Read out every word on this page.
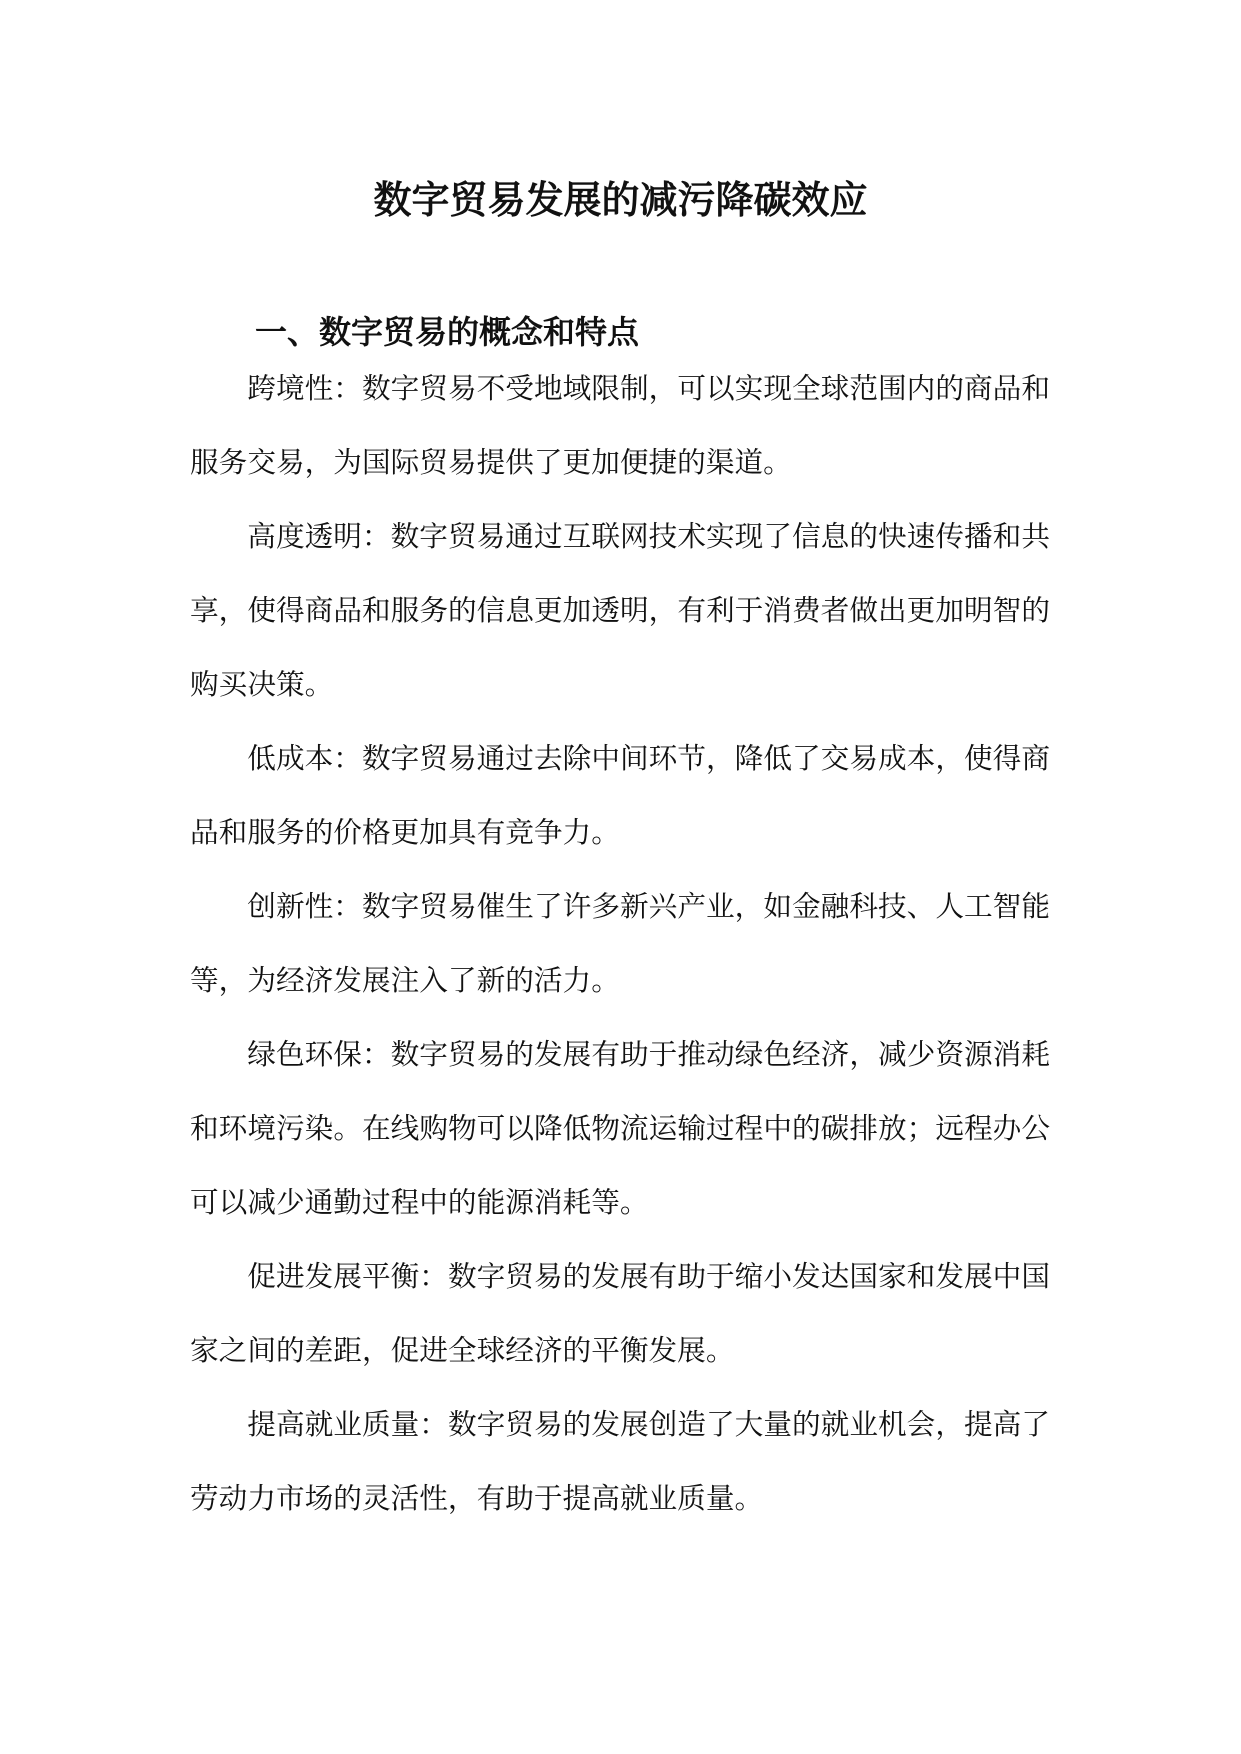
数字贸易发展的减污降碳效应
一、数字贸易的概念和特点

跨境性：数字贸易不受地域限制，可以实现全球范围内的商品和服务交易，为国际贸易提供了更加便捷的渠道。

高度透明：数字贸易通过互联网技术实现了信息的快速传播和共享，使得商品和服务的信息更加透明，有利于消费者做出更加明智的购买决策。

低成本：数字贸易通过去除中间环节，降低了交易成本，使得商品和服务的价格更加具有竞争力。

创新性：数字贸易催生了许多新兴产业，如金融科技、人工智能等，为经济发展注入了新的活力。

绿色环保：数字贸易的发展有助于推动绿色经济，减少资源消耗和环境污染。在线购物可以降低物流运输过程中的碳排放；远程办公可以减少通勤过程中的能源消耗等。

促进发展平衡：数字贸易的发展有助于缩小发达国家和发展中国家之间的差距，促进全球经济的平衡发展。

提高就业质量：数字贸易的发展创造了大量的就业机会，提高了劳动力市场的灵活性，有助于提高就业质量。
